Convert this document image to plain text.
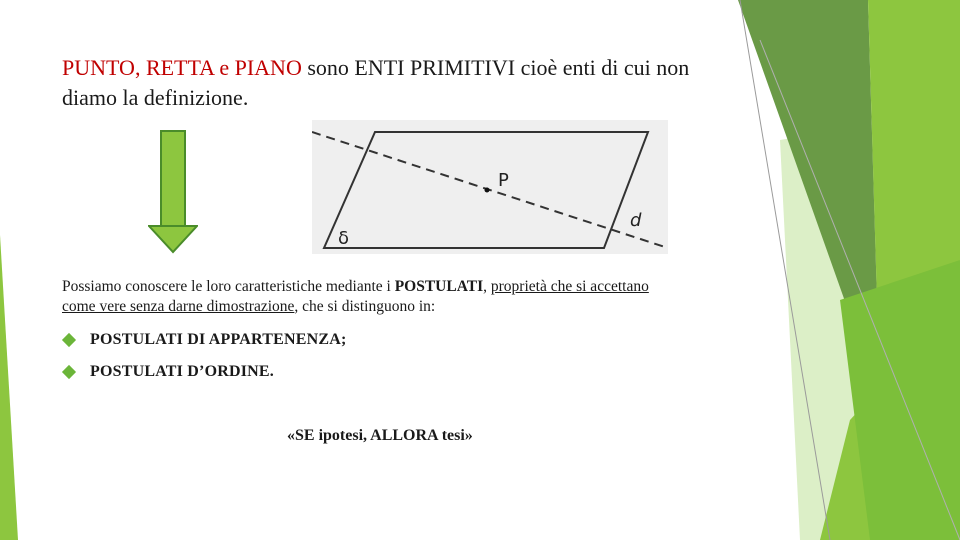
PUNTO, RETTA e PIANO sono ENTI PRIMITIVI cioè enti di cui non diamo la definizione.
P
d
δ
Possiamo conoscere le loro caratteristiche mediante i POSTULATI, proprietà che si accettano come vere senza darne dimostrazione, che si distinguono in:
POSTULATI DI APPARTENENZA;
POSTULATI D’ORDINE.
«SE ipotesi, ALLORA tesi»
